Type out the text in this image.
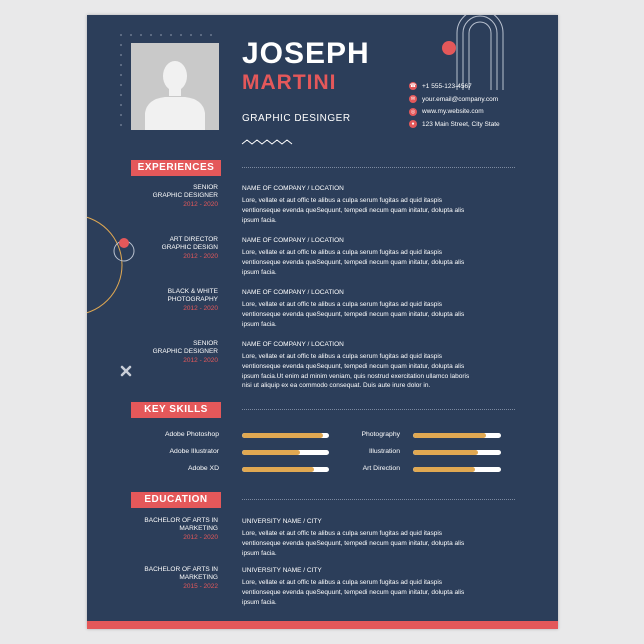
JOSEPH
MARTINI
GRAPHIC DESINGER
☎ +1 555-123-4567
✉ your.email@company.com
◎ www.my.website.com
●	123 Main Street, City State
EXPERIENCES
SENIOR
GRAPHIC DESIGNER
2012 - 2020
NAME OF COMPANY / LOCATION
Lore, vellate et aut offic te alibus a culpa serum fugitas ad quid itaspis
ventionseque evenda queSequunt, tempedi necum quam initatur, dolupta alis
ipsum facia.
ART DIRECTOR
GRAPHIC DESIGN
2012 - 2020
NAME OF COMPANY / LOCATION
Lore, vellate et aut offic te alibus a culpa serum fugitas ad quid itaspis
ventionseque evenda queSequunt, tempedi necum quam initatur, dolupta alis
ipsum facia.
BLACK & WHITE
PHOTOGRAPHY
2012 - 2020
NAME OF COMPANY / LOCATION
Lore, vellate et aut offic te alibus a culpa serum fugitas ad quid itaspis
ventionseque evenda queSequunt, tempedi necum quam initatur, dolupta alis
ipsum facia.
SENIOR
GRAPHIC DESIGNER
2012 - 2020
NAME OF COMPANY / LOCATION
Lore, vellate et aut offic te alibus a culpa serum fugitas ad quid itaspis
ventionseque evenda queSequunt, tempedi necum quam initatur, dolupta alis
ipsum facia.Ut enim ad minim veniam, quis nostrud exercitation ullamco laboris
nisi ut aliquip ex ea commodo consequat. Duis aute irure dolor in.
KEY SKILLS
Adobe Photoshop
Adobe Illustrator
Adobe XD
Photography
Illustration
Art Direction
EDUCATION
BACHELOR OF ARTS IN
MARKETING
2012 - 2020
UNIVERSITY NAME / CITY
Lore, vellate et aut offic te alibus a culpa serum fugitas ad quid itaspis
ventionseque evenda queSequunt, tempedi necum quam initatur, dolupta alis
ipsum facia.
BACHELOR OF ARTS IN
MARKETING
2015 - 2022
UNIVERSITY NAME / CITY
Lore, vellate et aut offic te alibus a culpa serum fugitas ad quid itaspis
ventionseque evenda queSequunt, tempedi necum quam initatur, dolupta alis
ipsum facia.
